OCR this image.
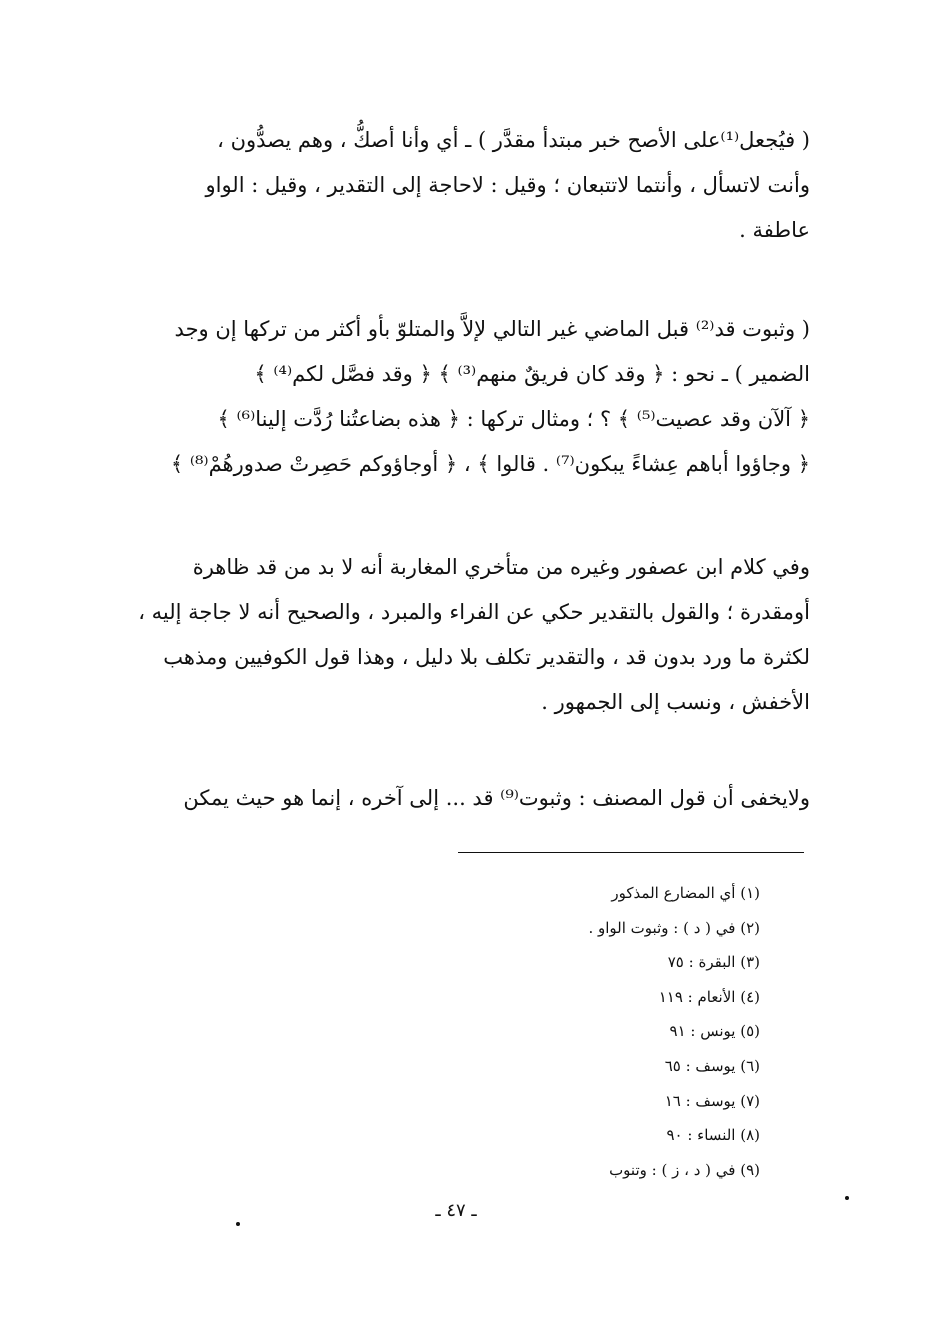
( فيُجعل⁽¹⁾على الأصح خبر مبتدأ مقدَّر ) ـ أي وأنا أصكُّ ، وهم يصدُّون ،
وأنت لاتسأل ، وأنتما لاتتبعان ؛ وقيل : لاحاجة إلى التقدير ، وقيل : الواو
عاطفة .
( وثبوت قد⁽²⁾ قبل الماضي غير التالي لإلاَّ والمتلوّ بأو أكثر من تركها إن وجد
الضمير ) ـ نحو : ﴿ وقد كان فريقٌ منهم⁽³⁾ ﴾ ﴿ وقد فصَّل لكم⁽⁴⁾ ﴾
﴿ آلآن وقد عصيت⁽⁵⁾ ﴾ ؟ ؛ ومثال تركها : ﴿ هذه بضاعتُنا رُدَّت إلينا⁽⁶⁾ ﴾
﴿ وجاؤوا أباهم عِشاءً يبكون⁽⁷⁾ . قالوا ﴾ ، ﴿ أوجاؤوكم حَصِرتْ صدورهُمْ⁽⁸⁾ ﴾
وفي كلام ابن عصفور وغيره من متأخري المغاربة أنه لا بد من قد ظاهرة
أومقدرة ؛ والقول بالتقدير حكي عن الفراء والمبرد ، والصحيح أنه لا جاجة إليه ،
لكثرة ما ورد بدون قد ، والتقدير تكلف بلا دليل ، وهذا قول الكوفيين ومذهب
الأخفش ، ونسب إلى الجمهور .
ولايخفى أن قول المصنف : وثبوت⁽⁹⁾ قد ... إلى آخره ، إنما هو حيث يمكن
(١) أي المضارع المذكور
(٢) في ( د ) : وثبوت الواو .
(٣) البقرة : ٧٥
(٤) الأنعام : ١١٩
(٥) يونس : ٩١
(٦) يوسف : ٦٥
(٧) يوسف : ١٦
(٨) النساء : ٩٠
(٩) في ( د ، ز ) : وتنوب
ـ ٤٧ ـ
